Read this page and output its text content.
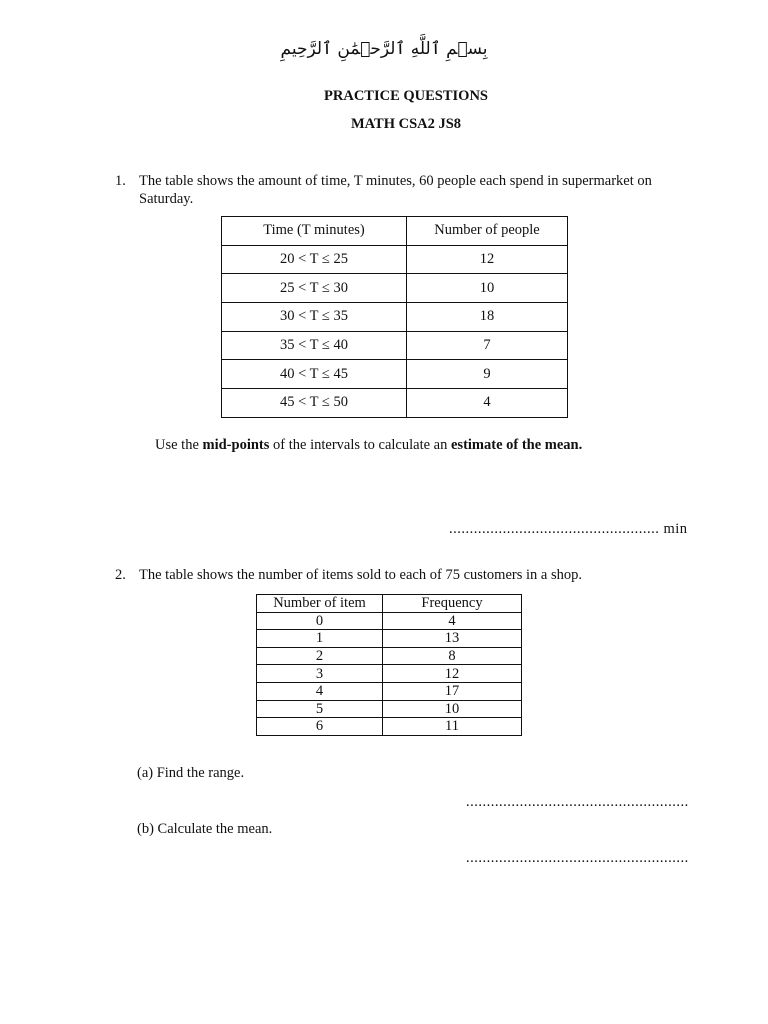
بِسۡمِ ٱللَّهِ ٱلرَّحۡمَٰنِ ٱلرَّحِيمِ
PRACTICE QUESTIONS
MATH CSA2 JS8
1. The table shows the amount of time, T minutes, 60 people each spend in supermarket on Saturday.
Time (T minutes)	Number of people
20 < T ≤ 25	12
25 < T ≤ 30	10
30 < T ≤ 35	18
35 < T ≤ 40	7
40 < T ≤ 45	9
45 < T ≤ 50	4
Use the mid-points of the intervals to calculate an estimate of the mean.
................................................... min
2. The table shows the number of items sold to each of 75 customers in a shop.
Number of item	Frequency
0	4
1	13
2	8
3	12
4	17
5	10
6	11
(a) Find the range.
......................................................
(b) Calculate the mean.
......................................................
